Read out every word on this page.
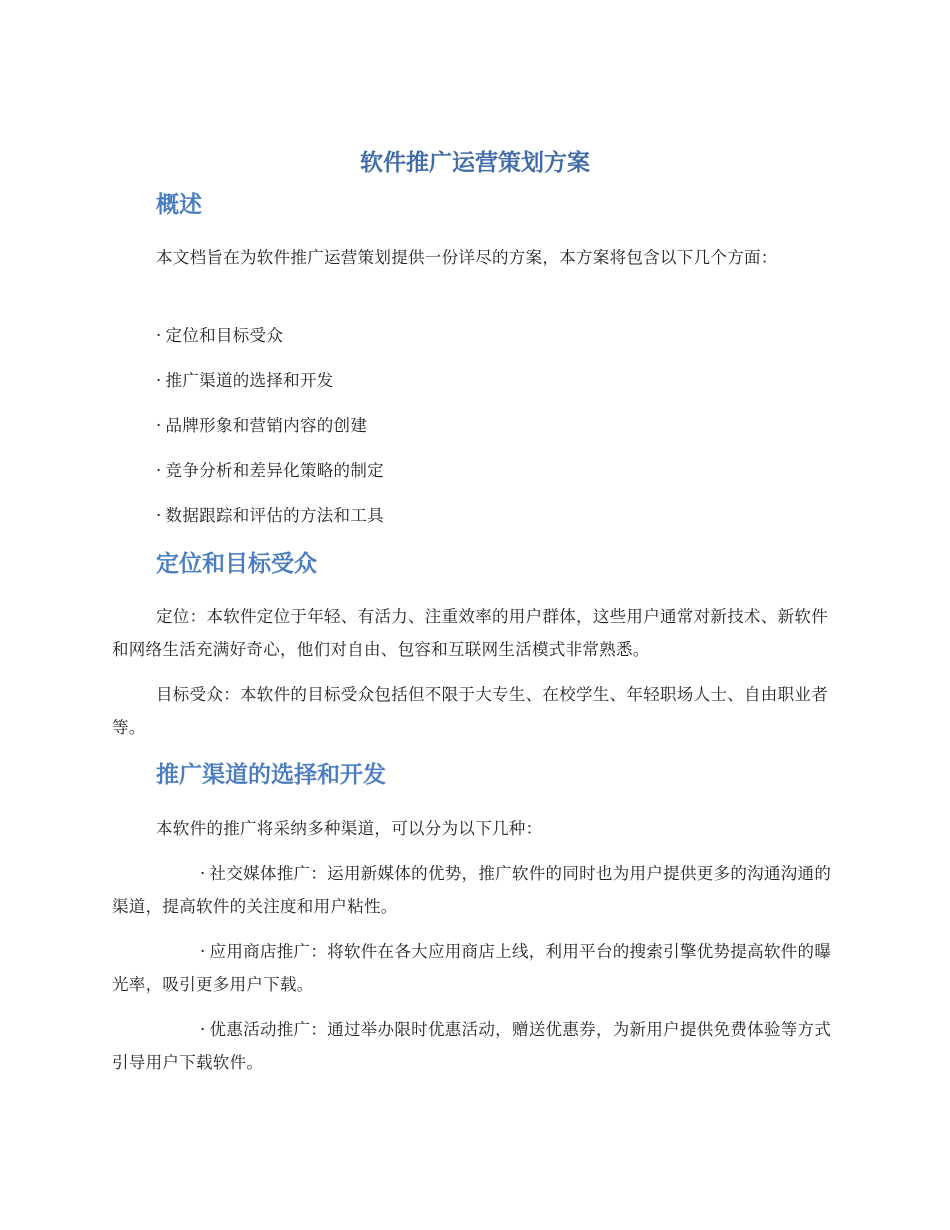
软件推广运营策划方案
概述

本文档旨在为软件推广运营策划提供一份详尽的方案，本方案将包含以下几个方面：

· 定位和目标受众

· 推广渠道的选择和开发

· 品牌形象和营销内容的创建

· 竞争分析和差异化策略的制定

· 数据跟踪和评估的方法和工具

定位和目标受众

定位：本软件定位于年轻、有活力、注重效率的用户群体，这些用户通常对新技术、新软件和网络生活充满好奇心，他们对自由、包容和互联网生活模式非常熟悉。

目标受众：本软件的目标受众包括但不限于大专生、在校学生、年轻职场人士、自由职业者等。

推广渠道的选择和开发

本软件的推广将采纳多种渠道，可以分为以下几种：

· 社交媒体推广：运用新媒体的优势，推广软件的同时也为用户提供更多的沟通沟通的渠道，提高软件的关注度和用户粘性。

· 应用商店推广：将软件在各大应用商店上线，利用平台的搜索引擎优势提高软件的曝光率，吸引更多用户下载。

· 优惠活动推广：通过举办限时优惠活动，赠送优惠券，为新用户提供免费体验等方式引导用户下载软件。
